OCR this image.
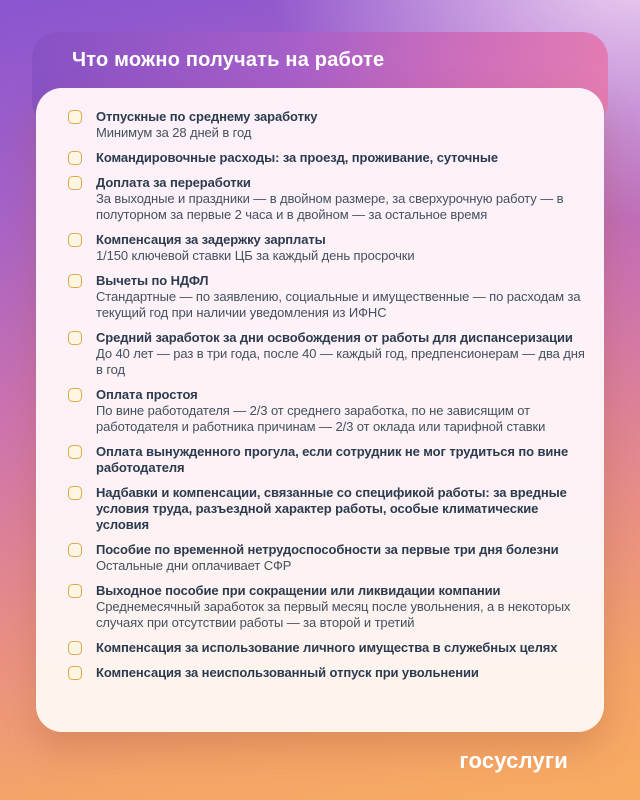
Что можно получать на работе
Отпускные по среднему заработку
Минимум за 28 дней в год
Командировочные расходы: за проезд, проживание, суточные
Доплата за переработки
За выходные и праздники — в двойном размере, за сверхурочную работу — в полуторном за первые 2 часа и в двойном — за остальное время
Компенсация за задержку зарплаты
1/150 ключевой ставки ЦБ за каждый день просрочки
Вычеты по НДФЛ
Стандартные — по заявлению, социальные и имущественные — по расходам за текущий год при наличии уведомления из ИФНС
Средний заработок за дни освобождения от работы для диспансеризации
До 40 лет — раз в три года, после 40 — каждый год, предпенсионерам — два дня в год
Оплата простоя
По вине работодателя — 2/3 от среднего заработка, по не зависящим от работодателя и работника причинам — 2/3 от оклада или тарифной ставки
Оплата вынужденного прогула, если сотрудник не мог трудиться по вине работодателя
Надбавки и компенсации, связанные со спецификой работы: за вредные условия труда, разъездной характер работы, особые климатические условия
Пособие по временной нетрудоспособности за первые три дня болезни
Остальные дни оплачивает СФР
Выходное пособие при сокращении или ликвидации компании
Среднемесячный заработок за первый месяц после увольнения, а в некоторых случаях при отсутствии работы — за второй и третий
Компенсация за использование личного имущества в служебных целях
Компенсация за неиспользованный отпуск при увольнении
госуслуги
